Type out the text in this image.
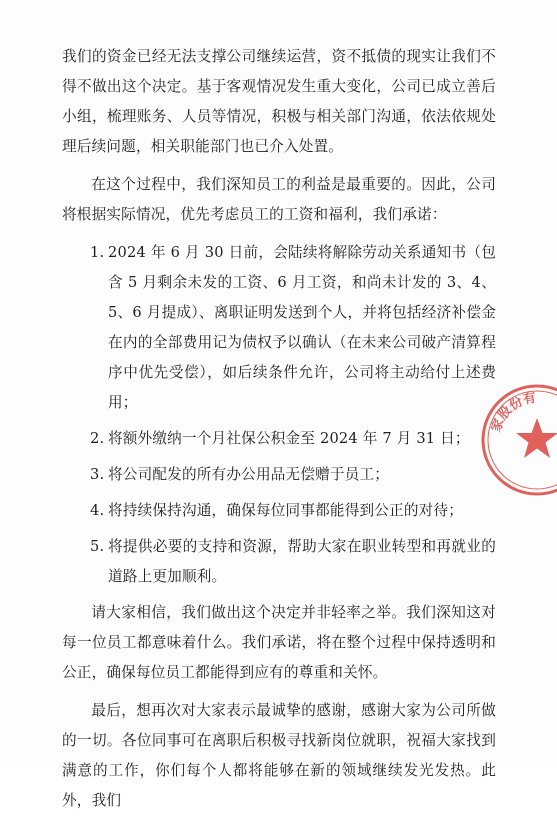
我们的资金已经无法支撑公司继续运营，资不抵债的现实让我们不得不做出这个决定。基于客观情况发生重大变化，公司已成立善后小组，梳理账务、人员等情况，积极与相关部门沟通，依法依规处理后续问题，相关职能部门也已介入处置。

在这个过程中，我们深知员工的利益是最重要的。因此，公司将根据实际情况，优先考虑员工的工资和福利，我们承诺：

1. 2024 年 6 月 30 日前，会陆续将解除劳动关系通知书（包含 5 月剩余未发的工资、6 月工资，和尚未计发的 3、4、5、6 月提成）、离职证明发送到个人，并将包括经济补偿金在内的全部费用记为债权予以确认（在未来公司破产清算程序中优先受偿），如后续条件允许，公司将主动给付上述费用；
2. 将额外缴纳一个月社保公积金至 2024 年 7 月 31 日；
3. 将公司配发的所有办公用品无偿赠于员工；
4. 将持续保持沟通，确保每位同事都能得到公正的对待；
5. 将提供必要的支持和资源，帮助大家在职业转型和再就业的道路上更加顺利。

请大家相信，我们做出这个决定并非轻率之举。我们深知这对每一位员工都意味着什么。我们承诺，将在整个过程中保持透明和公正，确保每位员工都能得到应有的尊重和关怀。

最后，想再次对大家表示最诚挚的感谢，感谢大家为公司所做的一切。各位同事可在离职后积极寻找新岗位就职，祝福大家找到满意的工作，你们每个人都将能够在新的领域继续发光发热。此外，我们

家股份有
